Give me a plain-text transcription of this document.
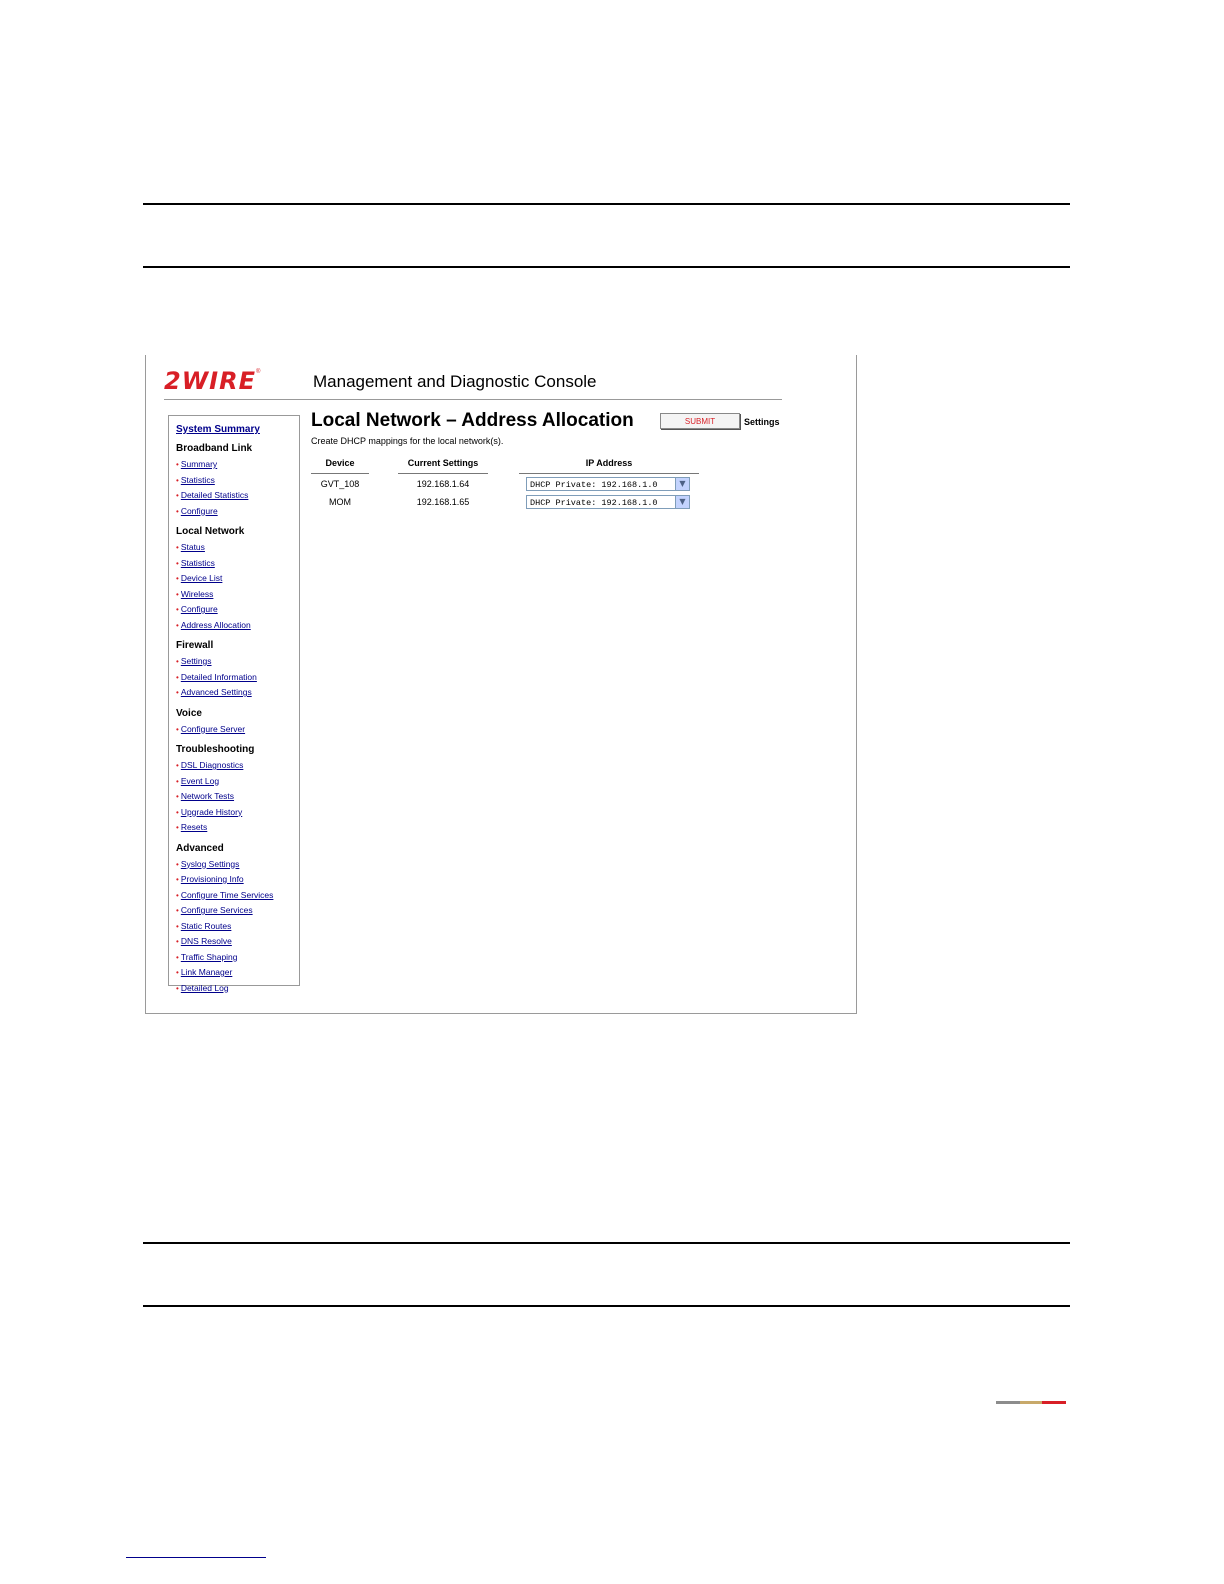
2WIRE ®	Management and Diagnostic Console
System Summary
Broadband Link
• Summary
• Statistics
• Detailed Statistics
• Configure
Local Network
• Status
• Statistics
• Device List
• Wireless
• Configure
• Address Allocation
Firewall
• Settings
• Detailed Information
• Advanced Settings
Voice
• Configure Server
Troubleshooting
• DSL Diagnostics
• Event Log
• Network Tests
• Upgrade History
• Resets
Advanced
• Syslog Settings
• Provisioning Info
• Configure Time Services
• Configure Services
• Static Routes
• DNS Resolve
• Traffic Shaping
• Link Manager
• Detailed Log
Local Network – Address Allocation	SUBMIT	Settings
Create DHCP mappings for the local network(s).
Device	Current Settings	IP Address
GVT_108	192.168.1.64	DHCP Private: 192.168.1.0	▼
MOM	192.168.1.65	DHCP Private: 192.168.1.0	▼
